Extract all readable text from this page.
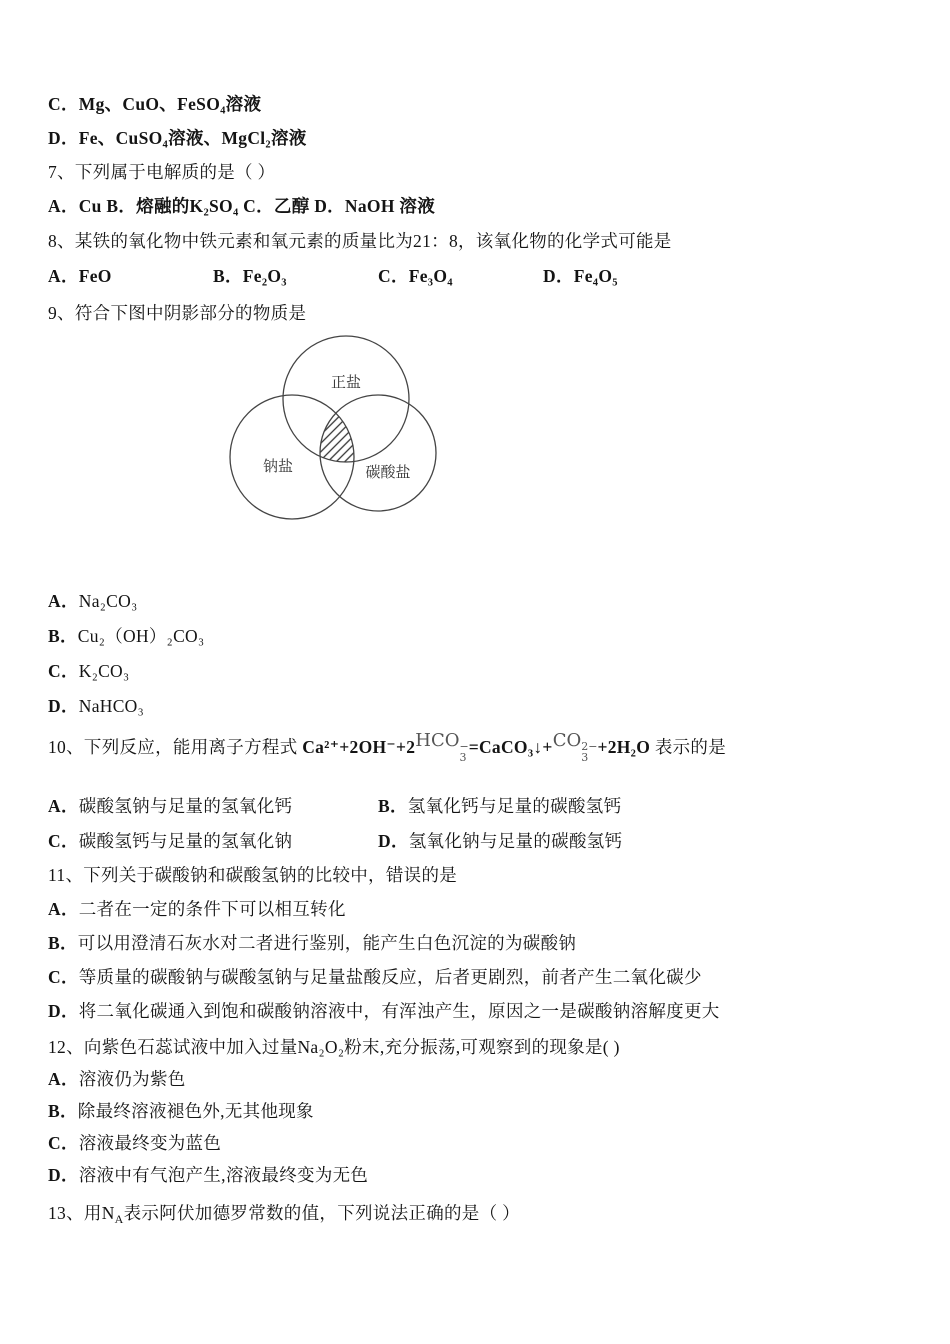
C．Mg、CuO、FeSO₄溶液

D．Fe、CuSO₄溶液、MgCl₂溶液

7、下列属于电解质的是（ ）

A．Cu B．熔融的K₂SO₄ C．乙醇 D．NaOH 溶液

8、某铁的氧化物中铁元素和氧元素的质量比为21：8，该氧化物的化学式可能是

A．FeO	B．Fe₂O₃	C．Fe₃O₄	D．Fe₄O₅

9、符合下图中阴影部分的物质是

正盐
钠盐	碳酸盐

A．Na₂CO₃

B．Cu₂（OH）₂CO₃

C．K₂CO₃

D．NaHCO₃

10、下列反应，能用离子方程式 Ca²⁺+2OH⁻+2HCO −
3
=CaCO₃↓+CO 2−
3
+2H₂O 表示的是

A．碳酸氢钠与足量的氢氧化钙	B．氢氧化钙与足量的碳酸氢钙
C．碳酸氢钙与足量的氢氧化钠	D．氢氧化钠与足量的碳酸氢钙

11、下列关于碳酸钠和碳酸氢钠的比较中，错误的是

A．二者在一定的条件下可以相互转化

B．可以用澄清石灰水对二者进行鉴别，能产生白色沉淀的为碳酸钠

C．等质量的碳酸钠与碳酸氢钠与足量盐酸反应，后者更剧烈，前者产生二氧化碳少

D．将二氧化碳通入到饱和碳酸钠溶液中，有浑浊产生，原因之一是碳酸钠溶解度更大

12、向紫色石蕊试液中加入过量Na₂O₂粉末,充分振荡,可观察到的现象是( )

A．溶液仍为紫色

B．除最终溶液褪色外,无其他现象

C．溶液最终变为蓝色

D．溶液中有气泡产生,溶液最终变为无色

13、用$N_A$表示阿伏加德罗常数的值，下列说法正确的是（ ）
